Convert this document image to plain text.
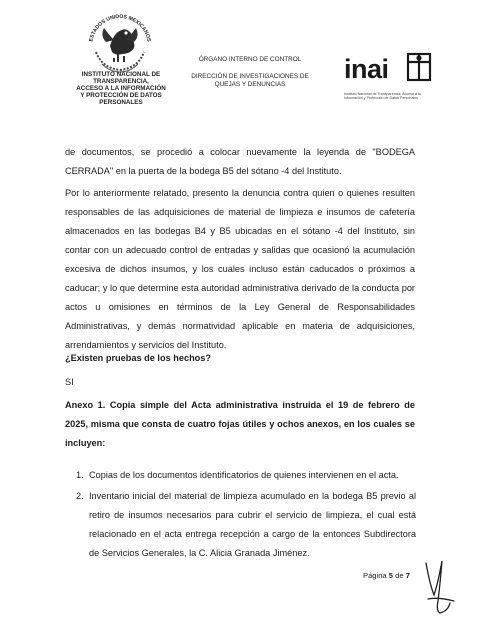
ESTADOS UNIDOS MEXICANOS
INSTITUTO NACIONAL DE
TRANSPARENCIA,
ACCESO A LA INFORMACIÓN
Y PROTECCIÓN DE DATOS
PERSONALES
ÓRGANO INTERNO DE CONTROL
DIRECCIÓN DE INVESTIGACIONES DE
QUEJAS Y DENUNCIAS
inai
Instituto Nacional de Transparencia, Acceso a la
Información y Protección de Datos Personales
de documentos, se procedió a colocar nuevamente la leyenda de "BODEGA CERRADA" en la puerta de la bodega B5 del sótano -4 del Instituto.
Por lo anteriormente relatado, presento la denuncia contra quien o quienes resulten responsables de las adquisiciones de material de limpieza e insumos de cafetería almacenados en las bodegas B4 y B5 ubicadas en el sótano -4 del Instituto, sin contar con un adecuado control de entradas y salidas que ocasionó la acumulación excesiva de dichos insumos, y los cuales incluso están caducados o próximos a caducar; y lo que determine esta autoridad administrativa derivado de la conducta por actos u omisiones en términos de la Ley General de Responsabilidades Administrativas, y demás normatividad aplicable en materia de adquisiciones, arrendamientos y servicios del Instituto.
¿Existen pruebas de los hechos?
SI
Anexo 1. Copia simple del Acta administrativa instruida el 19 de febrero de 2025, misma que consta de cuatro fojas útiles y ochos anexos, en los cuales se incluyen:
1. Copias de los documentos identificatorios de quienes intervienen en el acta.
2. Inventario inicial del material de limpieza acumulado en la bodega B5 previo al retiro de insumos necesarios para cubrir el servicio de limpieza, el cual está relacionado en el acta entrega recepción a cargo de la entonces Subdirectora de Servicios Generales, la C. Alicia Granada Jiménez.
Página 5 de 7
